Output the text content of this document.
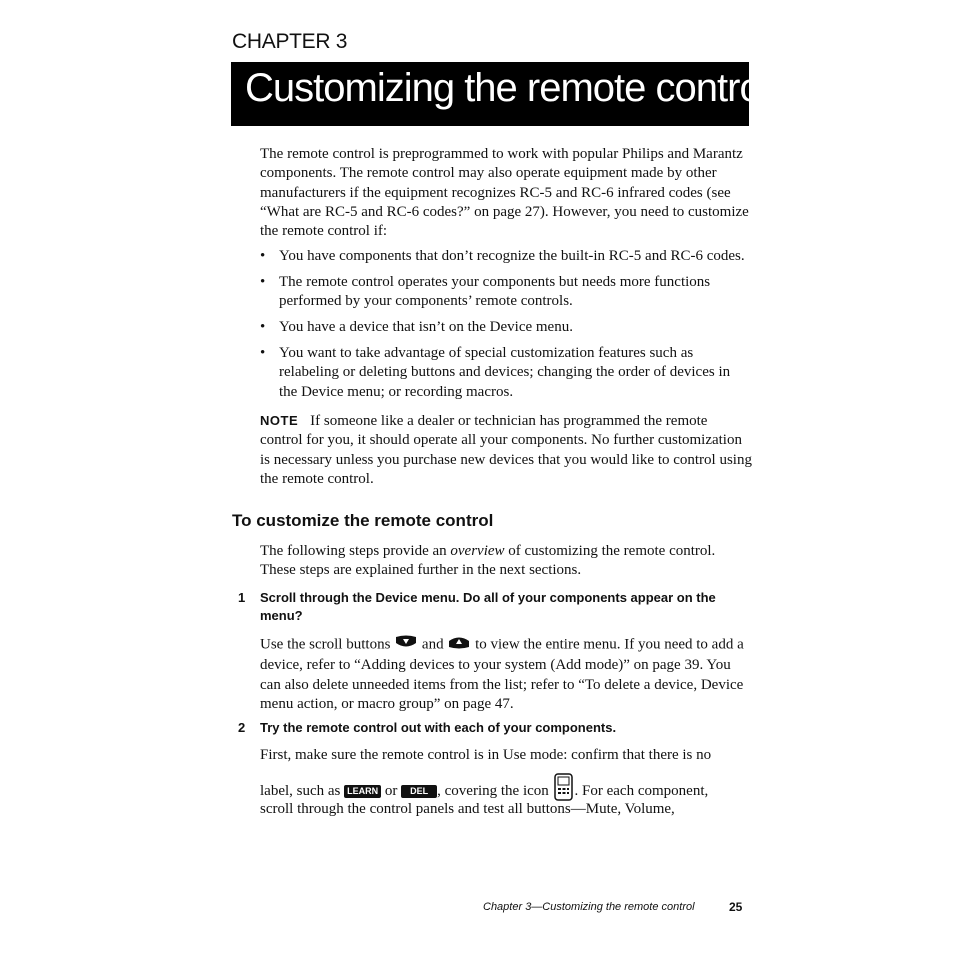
CHAPTER 3
Customizing the remote control
The remote control is preprogrammed to work with popular Philips and Marantz components. The remote control may also operate equipment made by other manufacturers if the equipment recognizes RC-5 and RC-6 infrared codes (see “What are RC-5 and RC-6 codes?” on page 27). However, you need to customize the remote control if:
• You have components that don’t recognize the built-in RC-5 and RC-6 codes.
• The remote control operates your components but needs more functions performed by your components’ remote controls.
• You have a device that isn’t on the Device menu.
• You want to take advantage of special customization features such as relabeling or deleting buttons and devices; changing the order of devices in the Device menu; or recording macros.
NOTE If someone like a dealer or technician has programmed the remote control for you, it should operate all your components. No further customization is necessary unless you purchase new devices that you would like to control using the remote control.
To customize the remote control
The following steps provide an overview of customizing the remote control. These steps are explained further in the next sections.
1 Scroll through the Device menu. Do all of your components appear on the menu?
Use the scroll buttons  and  to view the entire menu. If you need to add a device, refer to “Adding devices to your system (Add mode)” on page 39. You can also delete unneeded items from the list; refer to “To delete a device, Device menu action, or macro group” on page 47.
2 Try the remote control out with each of your components.
First, make sure the remote control is in Use mode: confirm that there is no
label, such as LEARN or DEL , covering the icon . For each component,
scroll through the control panels and test all buttons—Mute, Volume,
Chapter 3—Customizing the remote control	25
